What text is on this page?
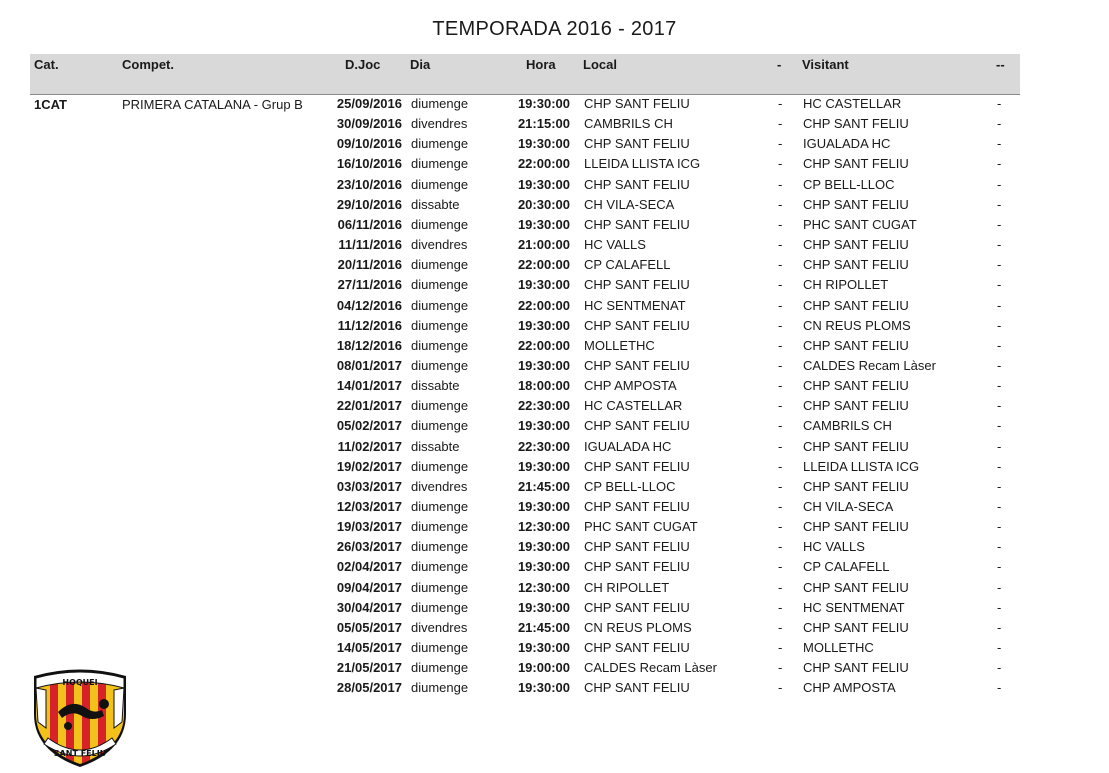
TEMPORADA 2016 - 2017
Cat.	Compet.	D.Joc Dia	Hora Local	- Visitant	--
1CAT	PRIMERA CATALANA - Grup B	25/09/2016 diumenge	19:30:00 CHP SANT FELIU	- HC CASTELLAR	-
30/09/2016 divendres	21:15:00 CAMBRILS CH	- CHP SANT FELIU	-
09/10/2016 diumenge	19:30:00 CHP SANT FELIU	- IGUALADA HC	-
16/10/2016 diumenge	22:00:00 LLEIDA LLISTA ICG	- CHP SANT FELIU	-
23/10/2016 diumenge	19:30:00 CHP SANT FELIU	- CP BELL-LLOC	-
29/10/2016 dissabte	20:30:00 CH VILA-SECA	- CHP SANT FELIU	-
06/11/2016 diumenge	19:30:00 CHP SANT FELIU	- PHC SANT CUGAT	-
11/11/2016 divendres	21:00:00 HC VALLS	- CHP SANT FELIU	-
20/11/2016 diumenge	22:00:00 CP CALAFELL	- CHP SANT FELIU	-
27/11/2016 diumenge	19:30:00 CHP SANT FELIU	- CH RIPOLLET	-
04/12/2016 diumenge	22:00:00 HC SENTMENAT	- CHP SANT FELIU	-
11/12/2016 diumenge	19:30:00 CHP SANT FELIU	- CN REUS PLOMS	-
18/12/2016 diumenge	22:00:00 MOLLETHC	- CHP SANT FELIU	-
08/01/2017 diumenge	19:30:00 CHP SANT FELIU	- CALDES Recam Làser	-
14/01/2017 dissabte	18:00:00 CHP AMPOSTA	- CHP SANT FELIU	-
22/01/2017 diumenge	22:30:00 HC CASTELLAR	- CHP SANT FELIU	-
05/02/2017 diumenge	19:30:00 CHP SANT FELIU	- CAMBRILS CH	-
11/02/2017 dissabte	22:30:00 IGUALADA HC	- CHP SANT FELIU	-
19/02/2017 diumenge	19:30:00 CHP SANT FELIU	- LLEIDA LLISTA ICG	-
03/03/2017 divendres	21:45:00 CP BELL-LLOC	- CHP SANT FELIU	-
12/03/2017 diumenge	19:30:00 CHP SANT FELIU	- CH VILA-SECA	-
19/03/2017 diumenge	12:30:00 PHC SANT CUGAT	- CHP SANT FELIU	-
26/03/2017 diumenge	19:30:00 CHP SANT FELIU	- HC VALLS	-
02/04/2017 diumenge	19:30:00 CHP SANT FELIU	- CP CALAFELL	-
09/04/2017 diumenge	12:30:00 CH RIPOLLET	- CHP SANT FELIU	-
30/04/2017 diumenge	19:30:00 CHP SANT FELIU	- HC SENTMENAT	-
05/05/2017 divendres	21:45:00 CN REUS PLOMS	- CHP SANT FELIU	-
14/05/2017 diumenge	19:30:00 CHP SANT FELIU	- MOLLETHC	-
21/05/2017 diumenge	19:00:00 CALDES Recam Làser	- CHP SANT FELIU	-
28/05/2017 diumenge	19:30:00 CHP SANT FELIU	- CHP AMPOSTA	-
HOQUEI
SANT FELIU
